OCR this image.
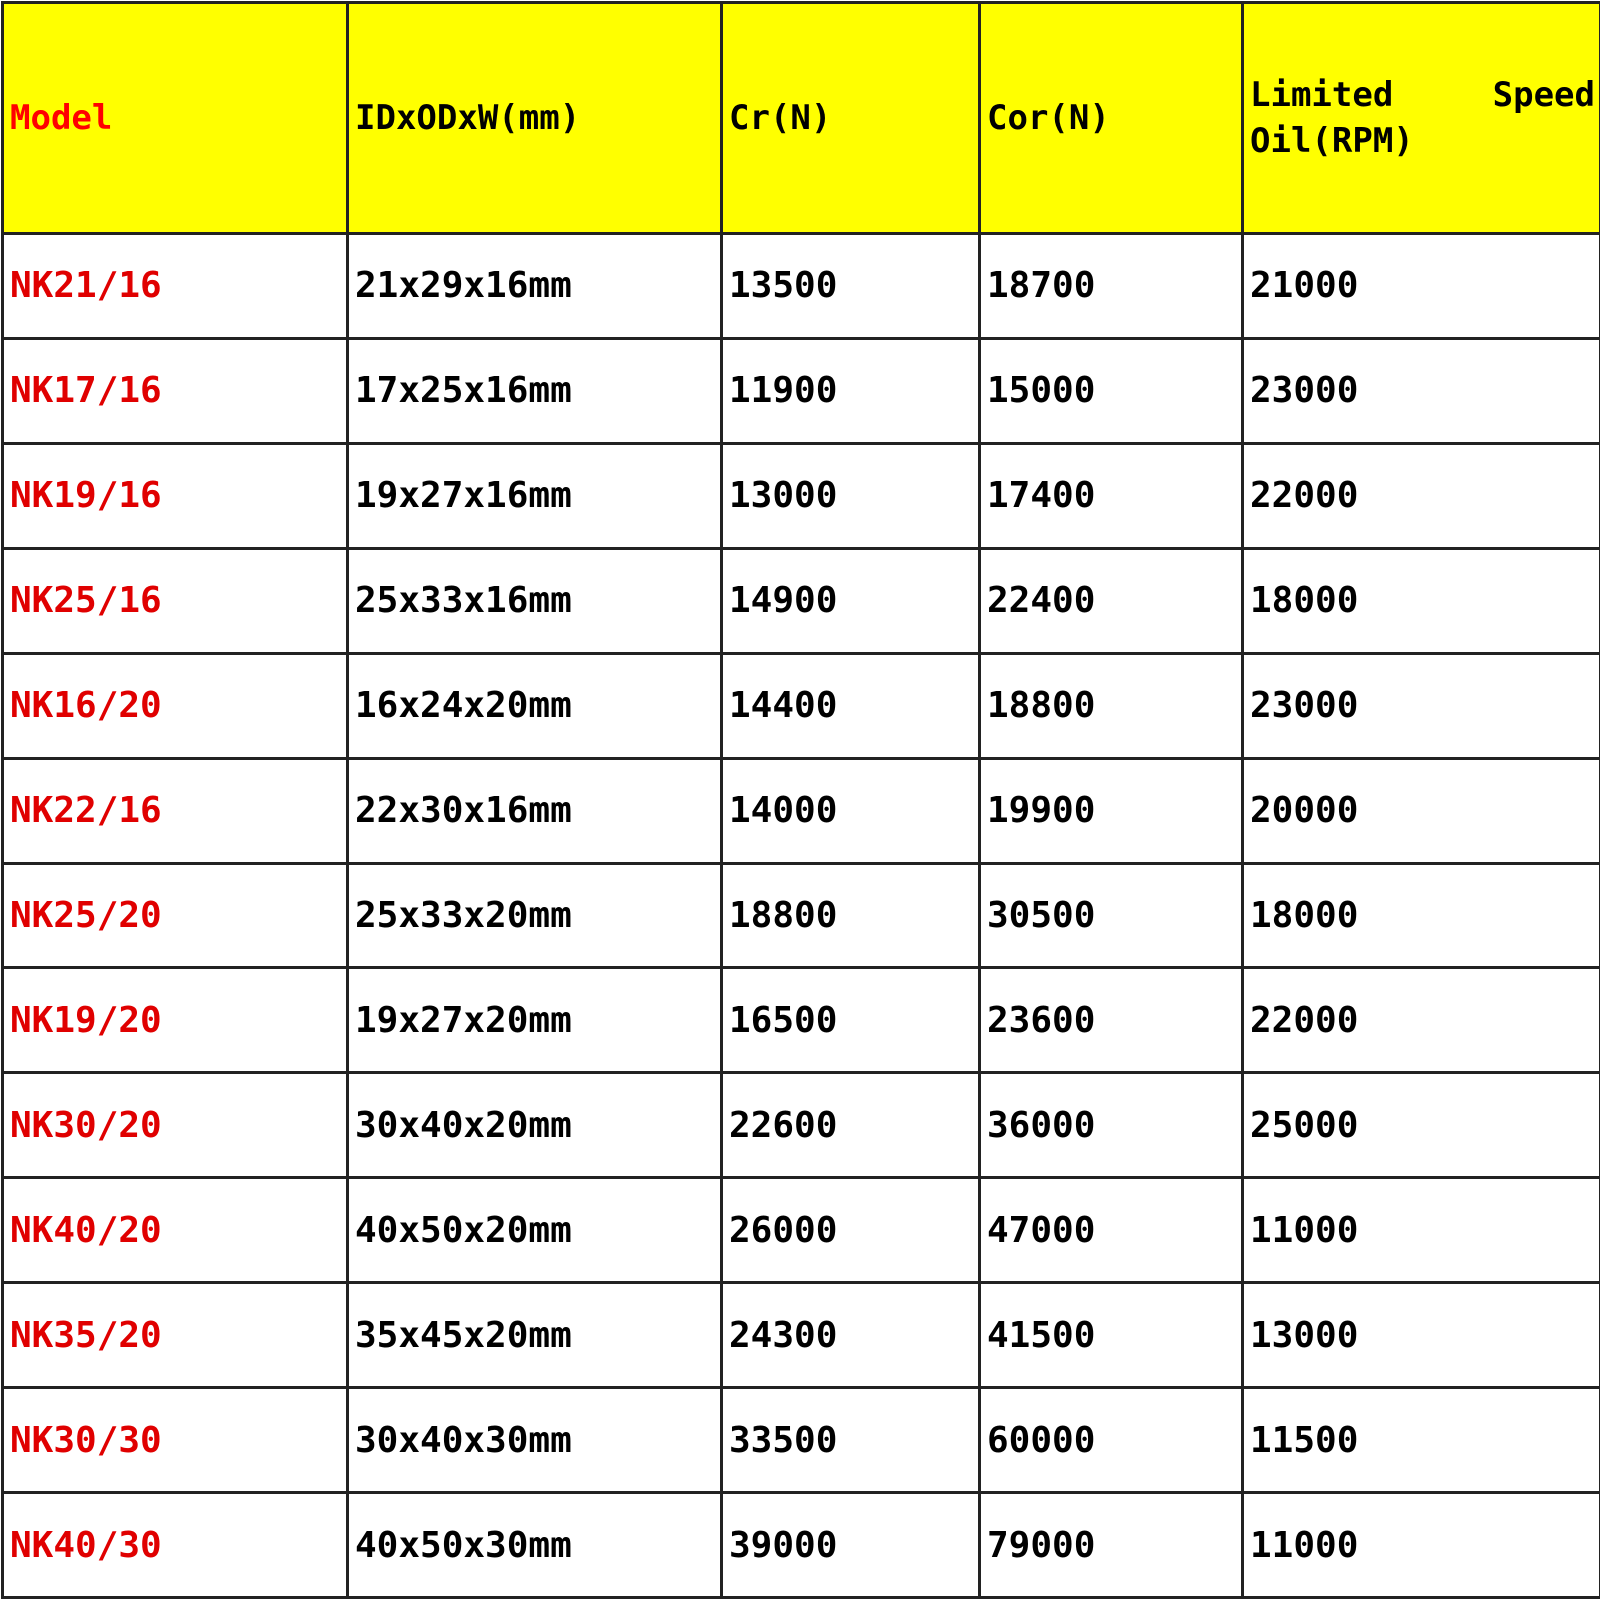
Model	IDxODxW(mm)	Cr(N)	Cor(N)	Limited Speed
Oil(RPM)

NK21/16	21x29x16mm	13500	18700	21000
NK17/16	17x25x16mm	11900	15000	23000
NK19/16	19x27x16mm	13000	17400	22000
NK25/16	25x33x16mm	14900	22400	18000
NK16/20	16x24x20mm	14400	18800	23000
NK22/16	22x30x16mm	14000	19900	20000
NK25/20	25x33x20mm	18800	30500	18000
NK19/20	19x27x20mm	16500	23600	22000
NK30/20	30x40x20mm	22600	36000	25000
NK40/20	40x50x20mm	26000	47000	11000
NK35/20	35x45x20mm	24300	41500	13000
NK30/30	30x40x30mm	33500	60000	11500
NK40/30	40x50x30mm	39000	79000	11000
